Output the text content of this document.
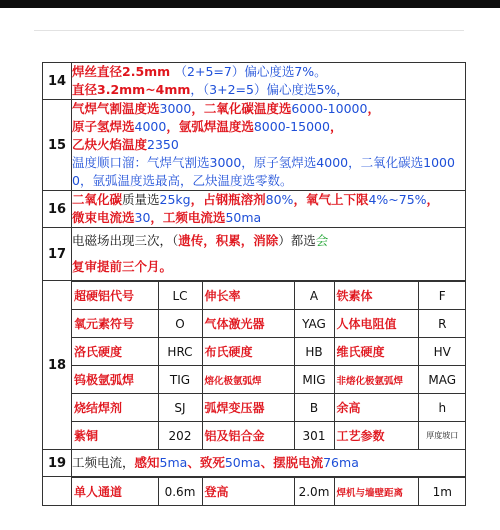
14	
焊丝直径2.5mm （2+5=7）偏心度选7%。
直径3.2mm~4mm，（3+2=5）偏心度选5%，

15	
气焊气割温度选3000，二氧化碳温度选6000-10000，
原子氢焊选4000，氩弧焊温度选8000-15000，
乙炔火焰温度2350
温度顺口溜：气焊气割选3000，原子氢焊选4000，二氧化碳选10000，氩弧温度选最高，乙炔温度选零数。

16	
二氧化碳质量选25kg，占钢瓶溶剂80%，氧气上下限4%~75%，
微束电流选30，工频电流选50ma

17	
电磁场出现三次，（遗传，积累，消除）都选会
复审提前三个月。

18	
超硬铝代号	LC	伸长率	A	铁素体	F
氧元素符号	O	气体激光器	YAG	人体电阻值	R
洛氏硬度	HRC	布氏硬度	HB	维氏硬度	HV
钨极氩弧焊	TIG	熔化极氩弧焊	MIG	非熔化极氩弧焊	MAG
烧结焊剂	SJ	弧焊变压器	B	余高	h
紫铜	202	铝及铝合金	301	工艺参数	厚度坡口

19	工频电流，感知5ma、致死50ma、摆脱电流76ma

单人通道	0.6m	登高	2.0m	焊机与墙壁距离	1m
